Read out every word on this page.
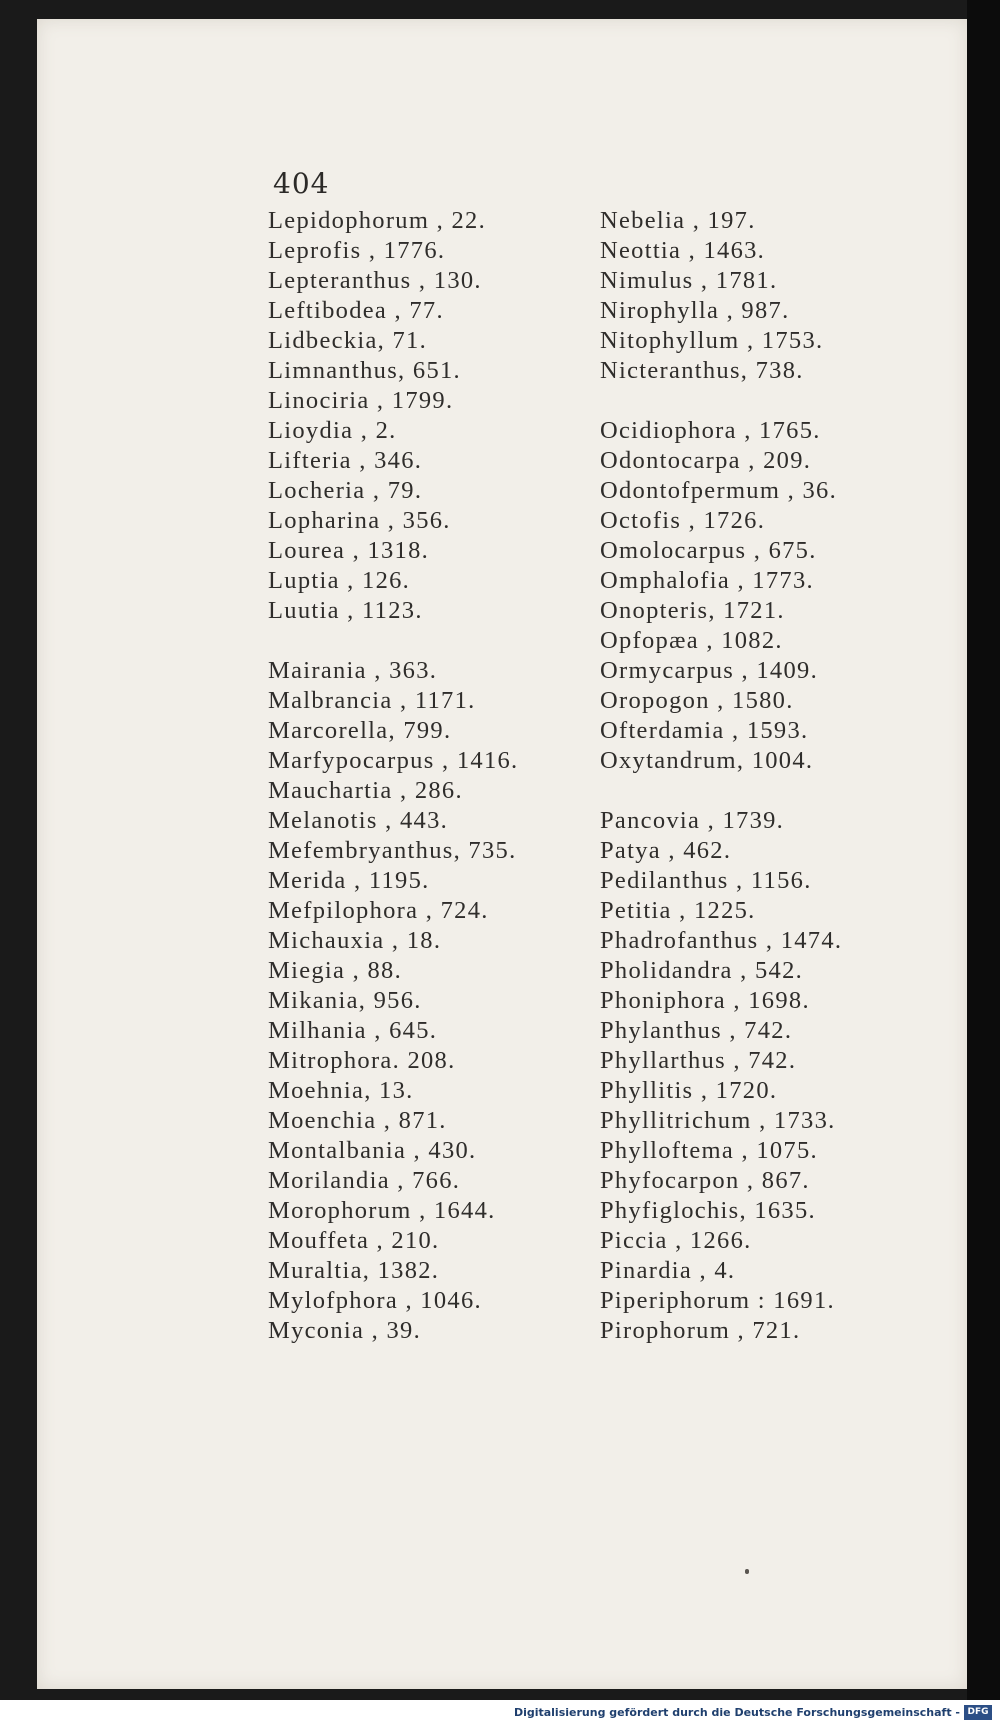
404
Lepidophorum , 22.
Leprofis , 1776.
Lepteranthus , 130.
Leftibodea , 77.
Lidbeckia, 71.
Limnanthus, 651.
Linociria , 1799.
Lioydia , 2.
Lifteria , 346.
Locheria , 79.
Lopharina , 356.
Lourea , 1318.
Luptia , 126.
Luutia , 1123.
Mairania , 363.
Malbrancia , 1171.
Marcorella, 799.
Marfypocarpus , 1416.
Mauchartia , 286.
Melanotis , 443.
Mefembryanthus, 735.
Merida , 1195.
Mefpilophora , 724.
Michauxia , 18.
Miegia , 88.
Mikania, 956.
Milhania , 645.
Mitrophora. 208.
Moehnia, 13.
Moenchia , 871.
Montalbania , 430.
Morilandia , 766.
Morophorum , 1644.
Mouffeta , 210.
Muraltia, 1382.
Mylofphora , 1046.
Myconia , 39.
Nebelia , 197.
Neottia , 1463.
Nimulus , 1781.
Nirophylla , 987.
Nitophyllum , 1753.
Nicteranthus, 738.
Ocidiophora , 1765.
Odontocarpa , 209.
Odontofpermum , 36.
Octofis , 1726.
Omolocarpus , 675.
Omphalofia , 1773.
Onopteris, 1721.
Opfopæa , 1082.
Ormycarpus , 1409.
Oropogon , 1580.
Ofterdamia , 1593.
Oxytandrum, 1004.
Pancovia , 1739.
Patya , 462.
Pedilanthus , 1156.
Petitia , 1225.
Phadrofanthus , 1474.
Pholidandra , 542.
Phoniphora , 1698.
Phylanthus , 742.
Phyllarthus , 742.
Phyllitis , 1720.
Phyllitrichum , 1733.
Phylloftema , 1075.
Phyfocarpon , 867.
Phyfiglochis, 1635.
Piccia , 1266.
Pinardia , 4.
Piperiphorum : 1691.
Pirophorum , 721.
Digitalisierung gefördert durch die Deutsche Forschungsgemeinschaft - DFG
